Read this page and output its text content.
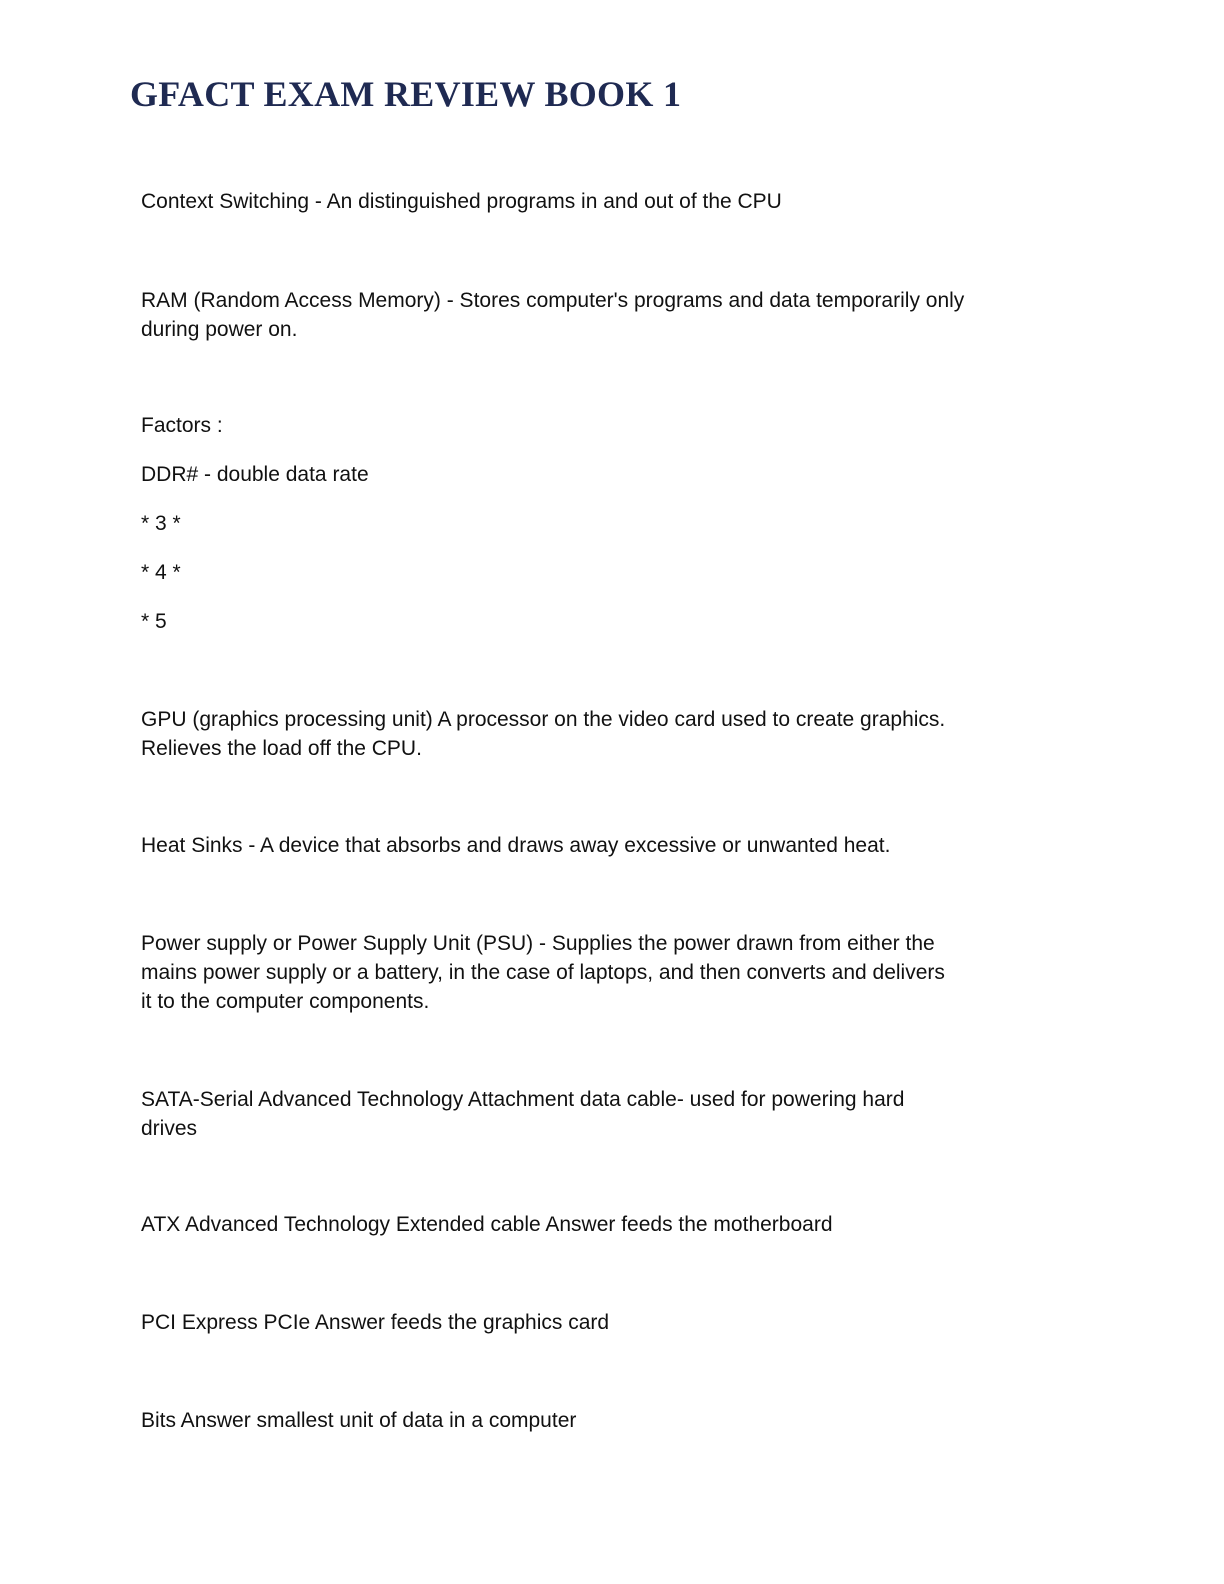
GFACT EXAM REVIEW BOOK 1

Context Switching - An distinguished programs in and out of the CPU

RAM (Random Access Memory) - Stores computer's programs and data temporarily only
during power on.

Factors :

DDR# - double data rate

* 3 *

* 4 *

* 5

GPU (graphics processing unit) A processor on the video card used to create graphics.
Relieves the load off the CPU.

Heat Sinks - A device that absorbs and draws away excessive or unwanted heat.

Power supply or Power Supply Unit (PSU) - Supplies the power drawn from either the
mains power supply or a battery, in the case of laptops, and then converts and delivers
it to the computer components.
SATA-Serial Advanced Technology Attachment data cable- used for powering hard
drives

ATX Advanced Technology Extended cable Answer feeds the motherboard

PCI Express PCIe Answer feeds the graphics card

Bits Answer smallest unit of data in a computer
